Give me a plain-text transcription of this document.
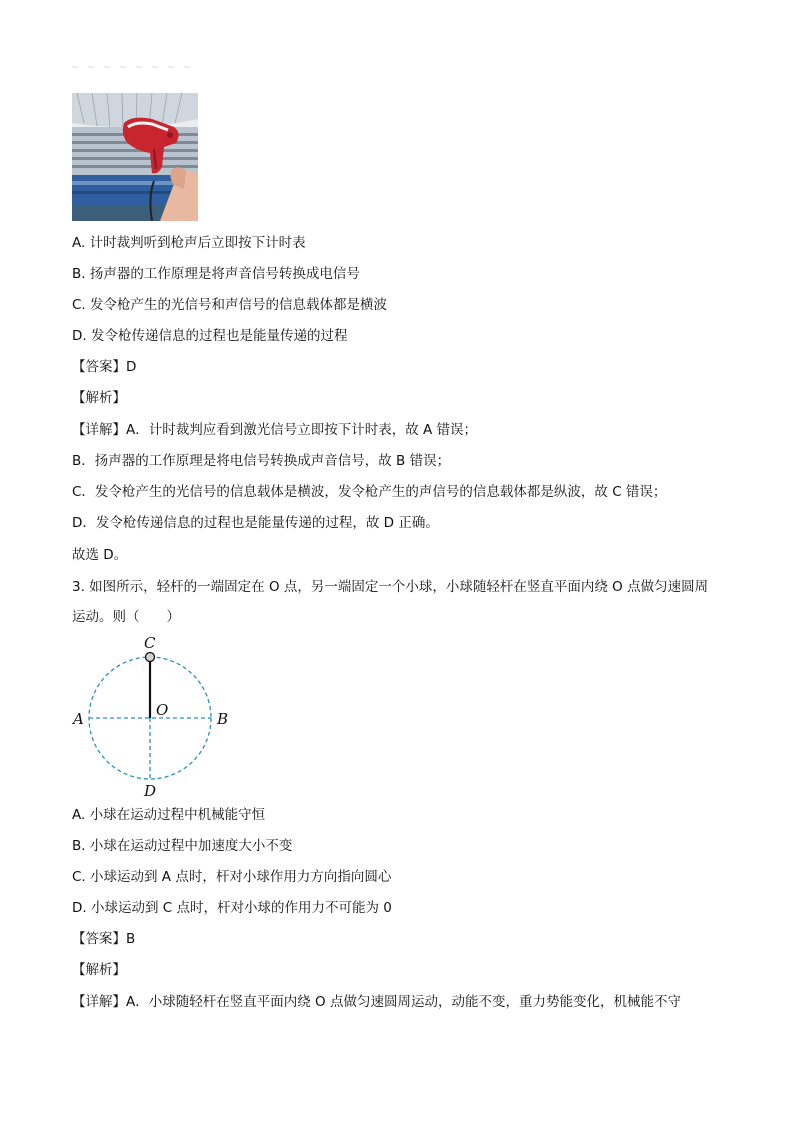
A. 计时裁判听到枪声后立即按下计时表
B. 扬声器的工作原理是将声音信号转换成电信号
C. 发令枪产生的光信号和声信号的信息载体都是横波
D. 发令枪传递信息的过程也是能量传递的过程
【答案】D
【解析】
【详解】A．计时裁判应看到激光信号立即按下计时表，故 A 错误；
B．扬声器的工作原理是将电信号转换成声音信号，故 B 错误；
C．发令枪产生的光信号的信息载体是横波，发令枪产生的声信号的信息载体都是纵波，故 C 错误；
D．发令枪传递信息的过程也是能量传递的过程，故 D 正确。
故选 D。
3. 如图所示，轻杆的一端固定在 O 点，另一端固定一个小球，小球随轻杆在竖直平面内绕 O 点做匀速圆周
运动。则（　　）
C
A	O	B
D
A. 小球在运动过程中机械能守恒
B. 小球在运动过程中加速度大小不变
C. 小球运动到 A 点时，杆对小球作用力方向指向圆心
D. 小球运动到 C 点时，杆对小球的作用力不可能为 0
【答案】B
【解析】
【详解】A．小球随轻杆在竖直平面内绕 O 点做匀速圆周运动，动能不变，重力势能变化，机械能不守
